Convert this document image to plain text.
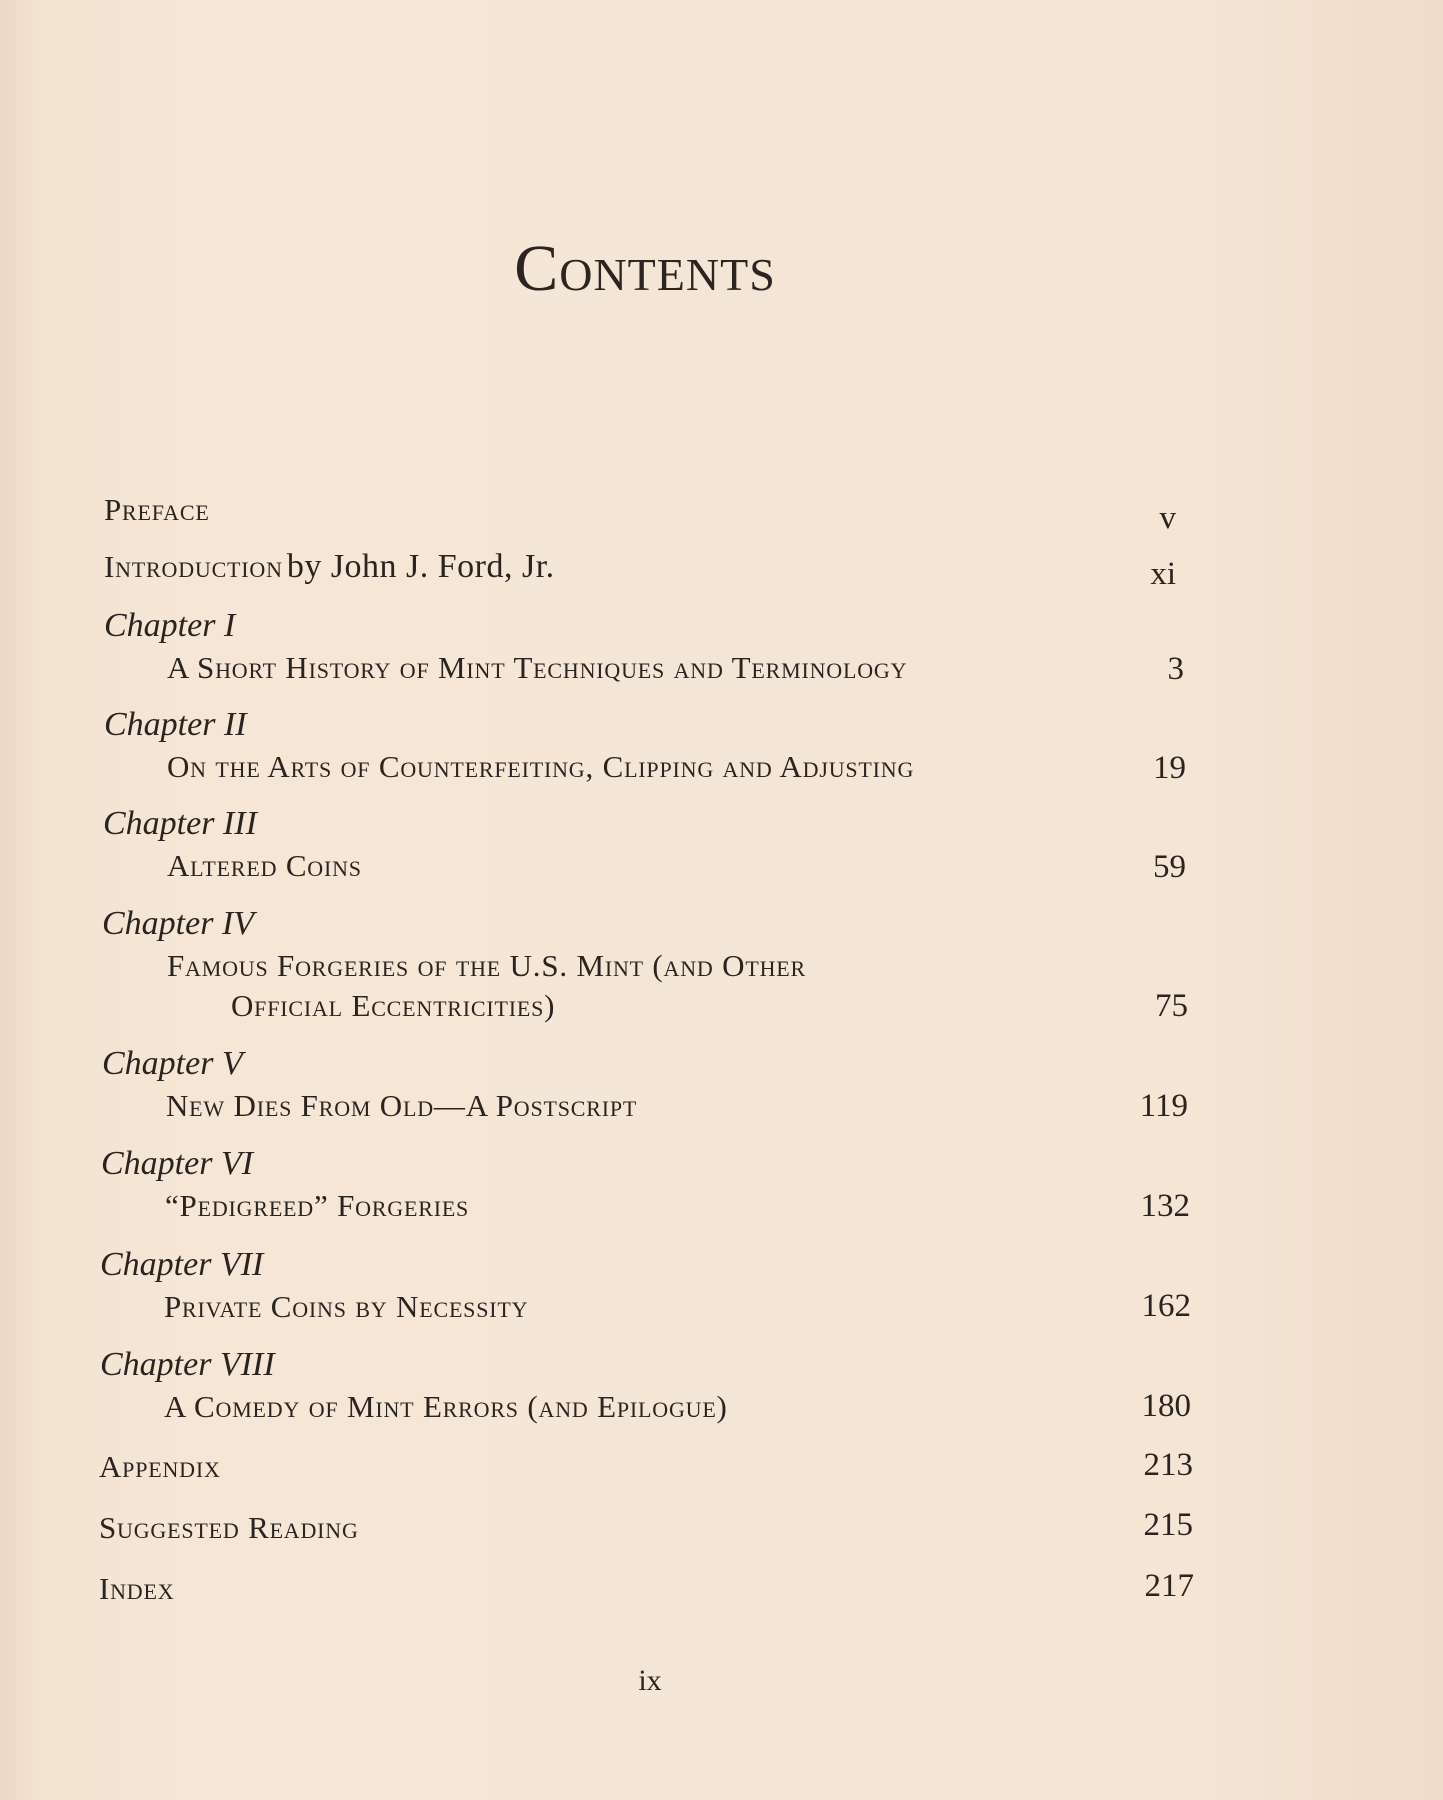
Contents
Preface	v
Introduction by John J. Ford, Jr.	xi
Chapter I
A Short History of Mint Techniques and Terminology	3
Chapter II
On the Arts of Counterfeiting, Clipping and Adjusting	19
Chapter III
Altered Coins	59
Chapter IV
Famous Forgeries of the U.S. Mint (and Other
Official Eccentricities)	75
Chapter V
New Dies From Old—A Postscript	119
Chapter VI
“Pedigreed” Forgeries	132
Chapter VII
Private Coins by Necessity	162
Chapter VIII
A Comedy of Mint Errors (and Epilogue)	180
Appendix	213
Suggested Reading	215
Index	217
ix
